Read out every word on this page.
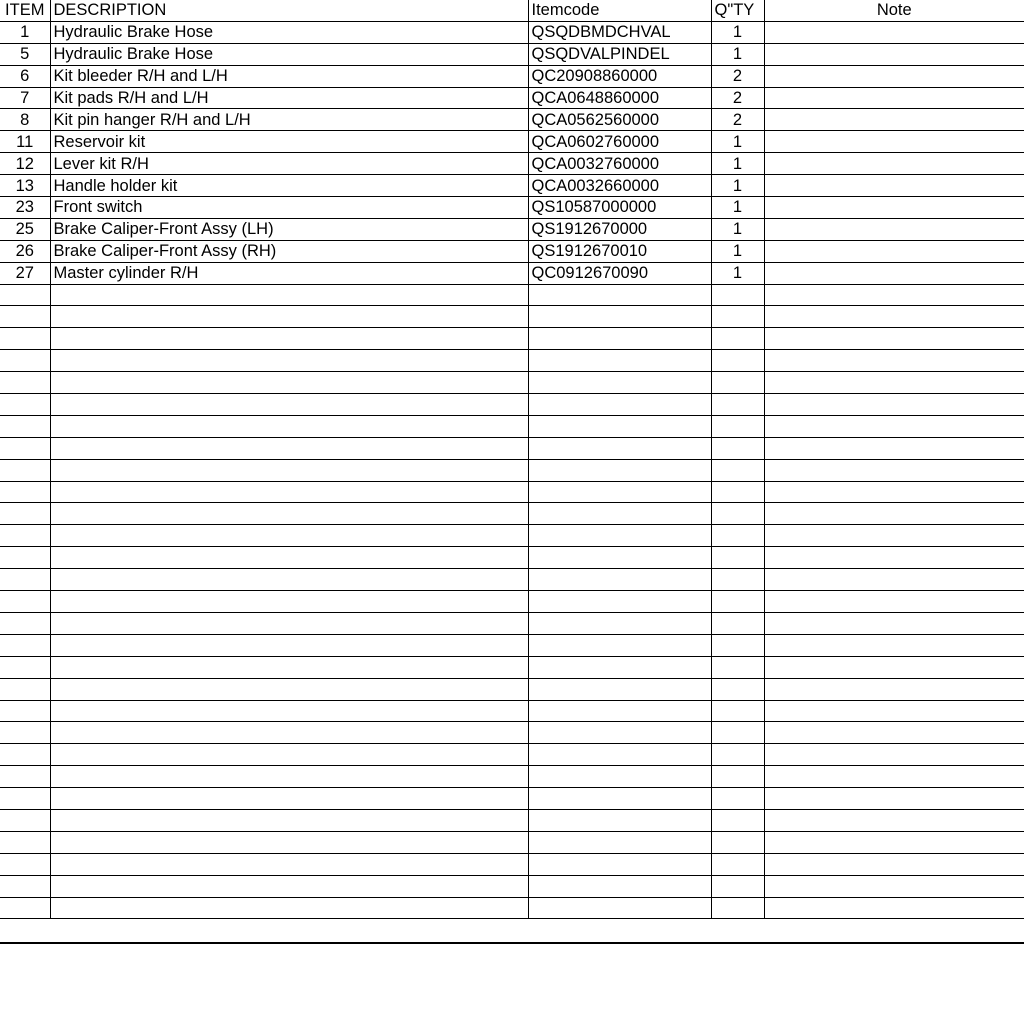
ITEM	DESCRIPTION	Itemcode	Q"TY	Note
1	Hydraulic Brake Hose	QSQDBMDCHVAL	1	
5	Hydraulic Brake Hose	QSQDVALPINDEL	1	
6	Kit bleeder R/H and L/H	QC20908860000	2	
7	Kit pads R/H and L/H	QCA0648860000	2	
8	Kit pin hanger R/H and L/H	QCA0562560000	2	
11	Reservoir kit	QCA0602760000	1	
12	Lever kit R/H	QCA0032760000	1	
13	Handle holder kit	QCA0032660000	1	
23	Front switch	QS10587000000	1	
25	Brake Caliper-Front Assy (LH)	QS1912670000	1	
26	Brake Caliper-Front Assy (RH)	QS1912670010	1	
27	Master cylinder R/H	QC0912670090	1	
